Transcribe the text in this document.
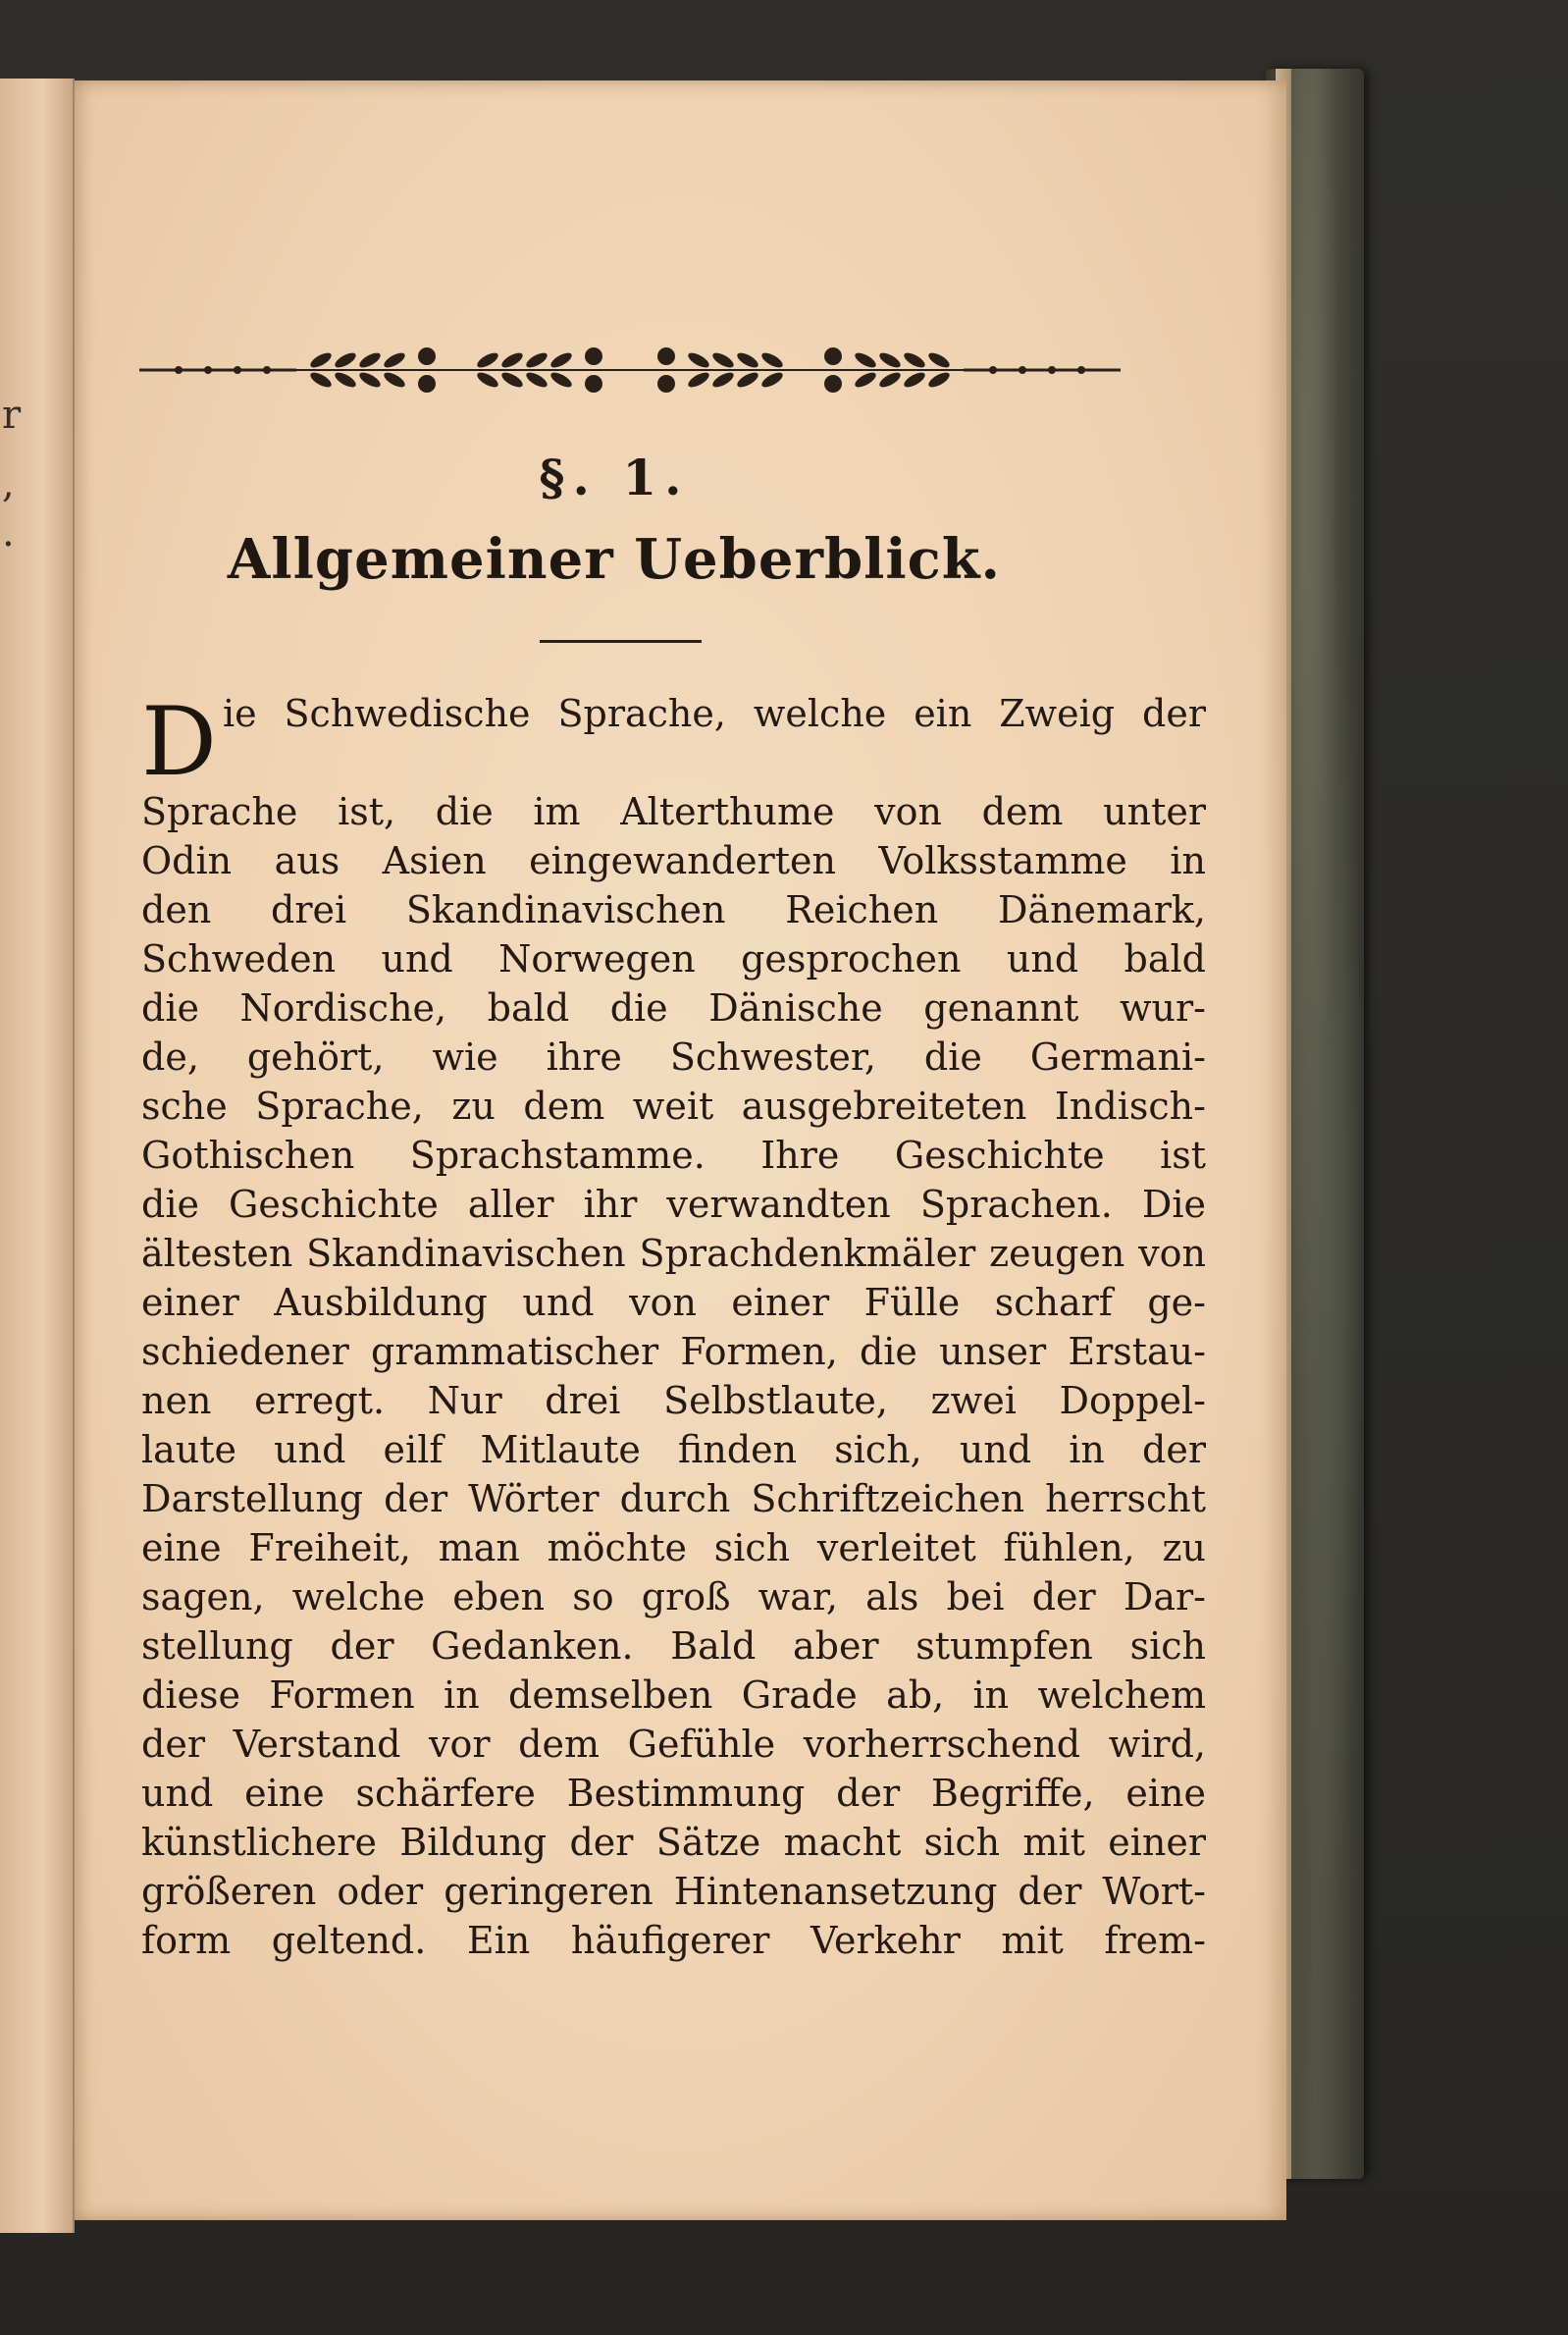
r
,
.
§. 1.
Allgemeiner Ueberblick.
D ie Schwedische Sprache, welche ein Zweig der
Sprache ist, die im Alterthume von dem unter
Odin aus Asien eingewanderten Volksstamme in
den drei Skandinavischen Reichen Dänemark,
Schweden und Norwegen gesprochen und bald
die Nordische, bald die Dänische genannt wur-
de, gehört, wie ihre Schwester, die Germani-
sche Sprache, zu dem weit ausgebreiteten Indisch-
Gothischen Sprachstamme. Ihre Geschichte ist
die Geschichte aller ihr verwandten Sprachen. Die
ältesten Skandinavischen Sprachdenkmäler zeugen von
einer Ausbildung und von einer Fülle scharf ge-
schiedener grammatischer Formen, die unser Erstau-
nen erregt. Nur drei Selbstlaute, zwei Doppel-
laute und eilf Mitlaute finden sich, und in der
Darstellung der Wörter durch Schriftzeichen herrscht
eine Freiheit, man möchte sich verleitet fühlen, zu
sagen, welche eben so groß war, als bei der Dar-
stellung der Gedanken. Bald aber stumpfen sich
diese Formen in demselben Grade ab, in welchem
der Verstand vor dem Gefühle vorherrschend wird,
und eine schärfere Bestimmung der Begriffe, eine
künstlichere Bildung der Sätze macht sich mit einer
größeren oder geringeren Hintenansetzung der Wort-
form geltend. Ein häufigerer Verkehr mit frem-
